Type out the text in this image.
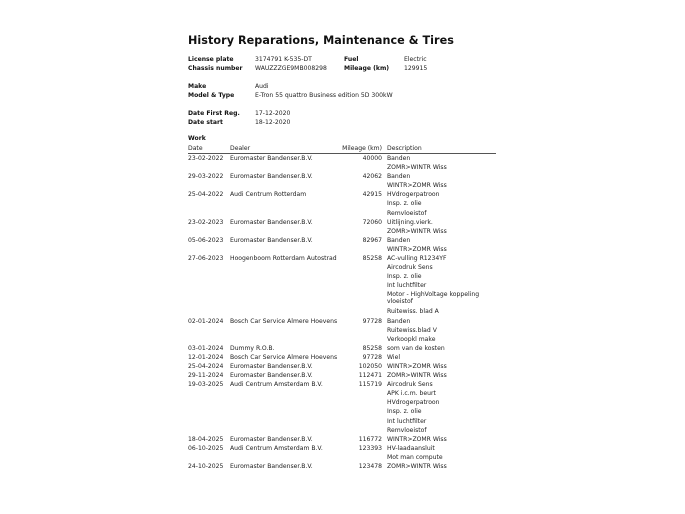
History Reparations, Maintenance & Tires
License plate	3174791 K-535-DT	Fuel	Electric
Chassis number WAUZZZGE9MB008298	Mileage (km) 129915
Make	Audi
Model & Type	E-Tron 55 quattro Business edition 5D 300kW
Date First Reg. 17-12-2020
Date start	18-12-2020
Work
Date	Dealer	Mileage (km) Description
23-02-2022 Euromaster Bandenser.B.V.	40000 Banden
ZOMR>WINTR Wiss
29-03-2022 Euromaster Bandenser.B.V.	42062 Banden
WINTR>ZOMR Wiss
25-04-2022 Audi Centrum Rotterdam	42915 HVdrogerpatroon
Insp. z. olie
Remvloeistof
23-02-2023 Euromaster Bandenser.B.V.	72060 Uitlijning.vierk.
ZOMR>WINTR Wiss
05-06-2023 Euromaster Bandenser.B.V.	82967 Banden
WINTR>ZOMR Wiss
27-06-2023 Hoogenboom Rotterdam Autostrad	85258 AC-vulling R1234YF
Aircodruk Sens
Insp. z. olie
Int luchtfilter
Motor - HighVoltage koppeling vloeistof
Ruitewiss. blad A
02-01-2024 Bosch Car Service Almere Hoevens	97728 Banden
Ruitewiss.blad V
Verkoopkl make
03-01-2024 Dummy R.O.B.	85258 som van de kosten
12-01-2024 Bosch Car Service Almere Hoevens	97728 Wiel
25-04-2024 Euromaster Bandenser.B.V.	102050 WINTR>ZOMR Wiss
29-11-2024 Euromaster Bandenser.B.V.	112471 ZOMR>WINTR Wiss
19-03-2025 Audi Centrum Amsterdam B.V.	115719 Aircodruk Sens
APK i.c.m. beurt
HVdrogerpatroon
Insp. z. olie
Int luchtfilter
Remvloeistof
18-04-2025 Euromaster Bandenser.B.V.	116772 WINTR>ZOMR Wiss
06-10-2025 Audi Centrum Amsterdam B.V.	123393 HV-laadaansluit
Mot man compute
24-10-2025 Euromaster Bandenser.B.V.	123478 ZOMR>WINTR Wiss
